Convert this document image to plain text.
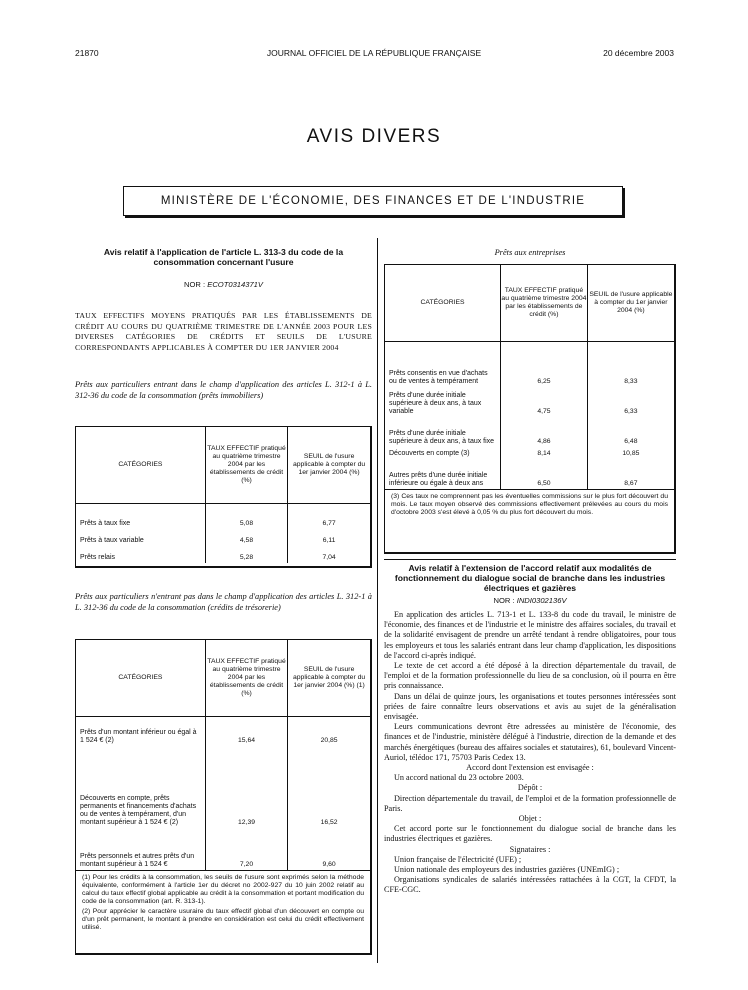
21870	JOURNAL OFFICIEL DE LA RÉPUBLIQUE FRANÇAISE	20 décembre 2003
AVIS DIVERS
MINISTÈRE DE L'ÉCONOMIE, DES FINANCES ET DE L'INDUSTRIE
Avis relatif à l'application de l'article L. 313-3 du code de la consommation concernant l'usure
NOR : ECOT0314371V
TAUX EFFECTIFS MOYENS PRATIQUÉS PAR LES ÉTABLISSEMENTS DE CRÉDIT AU COURS DU QUATRIÈME TRIMESTRE DE L'ANNÉE 2003 POUR LES DIVERSES CATÉGORIES DE CRÉDITS ET SEUILS DE L'USURE CORRESPONDANTS APPLICABLES À COMPTER DU 1ER JANVIER 2004
Prêts aux particuliers entrant dans le champ d'application des articles L. 312-1 à L. 312-36 du code de la consommation (prêts immobiliers)
CATÉGORIES	TAUX EFFECTIF pratiqué au quatrième trimestre 2004 par les établissements de crédit (%)	SEUIL de l'usure applicable à compter du 1er janvier 2004 (%)
Prêts à taux fixe	5,08	6,77
Prêts à taux variable	4,58	6,11
Prêts relais	5,28	7,04
Prêts aux particuliers n'entrant pas dans le champ d'application des articles L. 312-1 à L. 312-36 du code de la consommation (crédits de trésorerie)
CATÉGORIES	TAUX EFFECTIF pratiqué au quatrième trimestre 2004 par les établissements de crédit (%)	SEUIL de l'usure applicable à compter du 1er janvier 2004 (%) (1)
Prêts d'un montant inférieur ou égal à 1 524 € (2)	15,64	20,85
Découverts en compte, prêts permanents et financements d'achats ou de ventes à tempérament, d'un montant supérieur à 1 524 € (2)	12,39	16,52
Prêts personnels et autres prêts d'un montant supérieur à 1 524 €	7,20	9,60

(1) Pour les crédits à la consommation, les seuils de l'usure sont exprimés selon la méthode équivalente, conformément à l'article 1er du décret no 2002-927 du 10 juin 2002 relatif au calcul du taux effectif global applicable au crédit à la consommation et portant modification du code de la consommation (art. R. 313-1).
(2) Pour apprécier le caractère usuraire du taux effectif global d'un découvert en compte ou d'un prêt permanent, le montant à prendre en considération est celui du crédit effectivement utilisé.		
Prêts aux entreprises
CATÉGORIES	TAUX EFFECTIF pratiqué au quatrième trimestre 2004 par les établissements de crédit (%)	SEUIL de l'usure applicable à compter du 1er janvier 2004 (%)
Prêts consentis en vue d'achats ou de ventes à tempérament	6,25	8,33
Prêts d'une durée initiale supérieure à deux ans, à taux variable	4,75	6,33
Prêts d'une durée initiale supérieure à deux ans, à taux fixe	4,86	6,48
Découverts en compte (3)	8,14	10,85
Autres prêts d'une durée initiale inférieure ou égale à deux ans	6,50	8,67

(3) Ces taux ne comprennent pas les éventuelles commissions sur le plus fort découvert du mois. Le taux moyen observé des commissions effectivement prélevées au cours du mois d'octobre 2003 s'est élevé à 0,05 % du plus fort découvert du mois.		
Avis relatif à l'extension de l'accord relatif aux modalités de fonctionnement du dialogue social de branche dans les industries électriques et gazières
NOR : INDI0302136V

En application des articles L. 713-1 et L. 133-8 du code du travail, le ministre de l'économie, des finances et de l'industrie et le ministre des affaires sociales, du travail et de la solidarité envisagent de prendre un arrêté tendant à rendre obligatoires, pour tous les employeurs et tous les salariés entrant dans leur champ d'application, les dispositions de l'accord ci-après indiqué.

Le texte de cet accord a été déposé à la direction départementale du travail, de l'emploi et de la formation professionnelle du lieu de sa conclusion, où il pourra en être pris connaissance.

Dans un délai de quinze jours, les organisations et toutes personnes intéressées sont priées de faire connaître leurs observations et avis au sujet de la généralisation envisagée.

Leurs communications devront être adressées au ministère de l'économie, des finances et de l'industrie, ministère délégué à l'industrie, direction de la demande et des marchés énergétiques (bureau des affaires sociales et statutaires), 61, boulevard Vincent-Auriol, télédoc 171, 75703 Paris Cedex 13.

Accord dont l'extension est envisagée :

Un accord national du 23 octobre 2003.

Dépôt :

Direction départementale du travail, de l'emploi et de la formation professionnelle de Paris.

Objet :

Cet accord porte sur le fonctionnement du dialogue social de branche dans les industries électriques et gazières.

Signataires :

Union française de l'électricité (UFE) ;

Union nationale des employeurs des industries gazières (UNEmIG) ;

Organisations syndicales de salariés intéressées rattachées à la CGT, la CFDT, la CFE-CGC.
